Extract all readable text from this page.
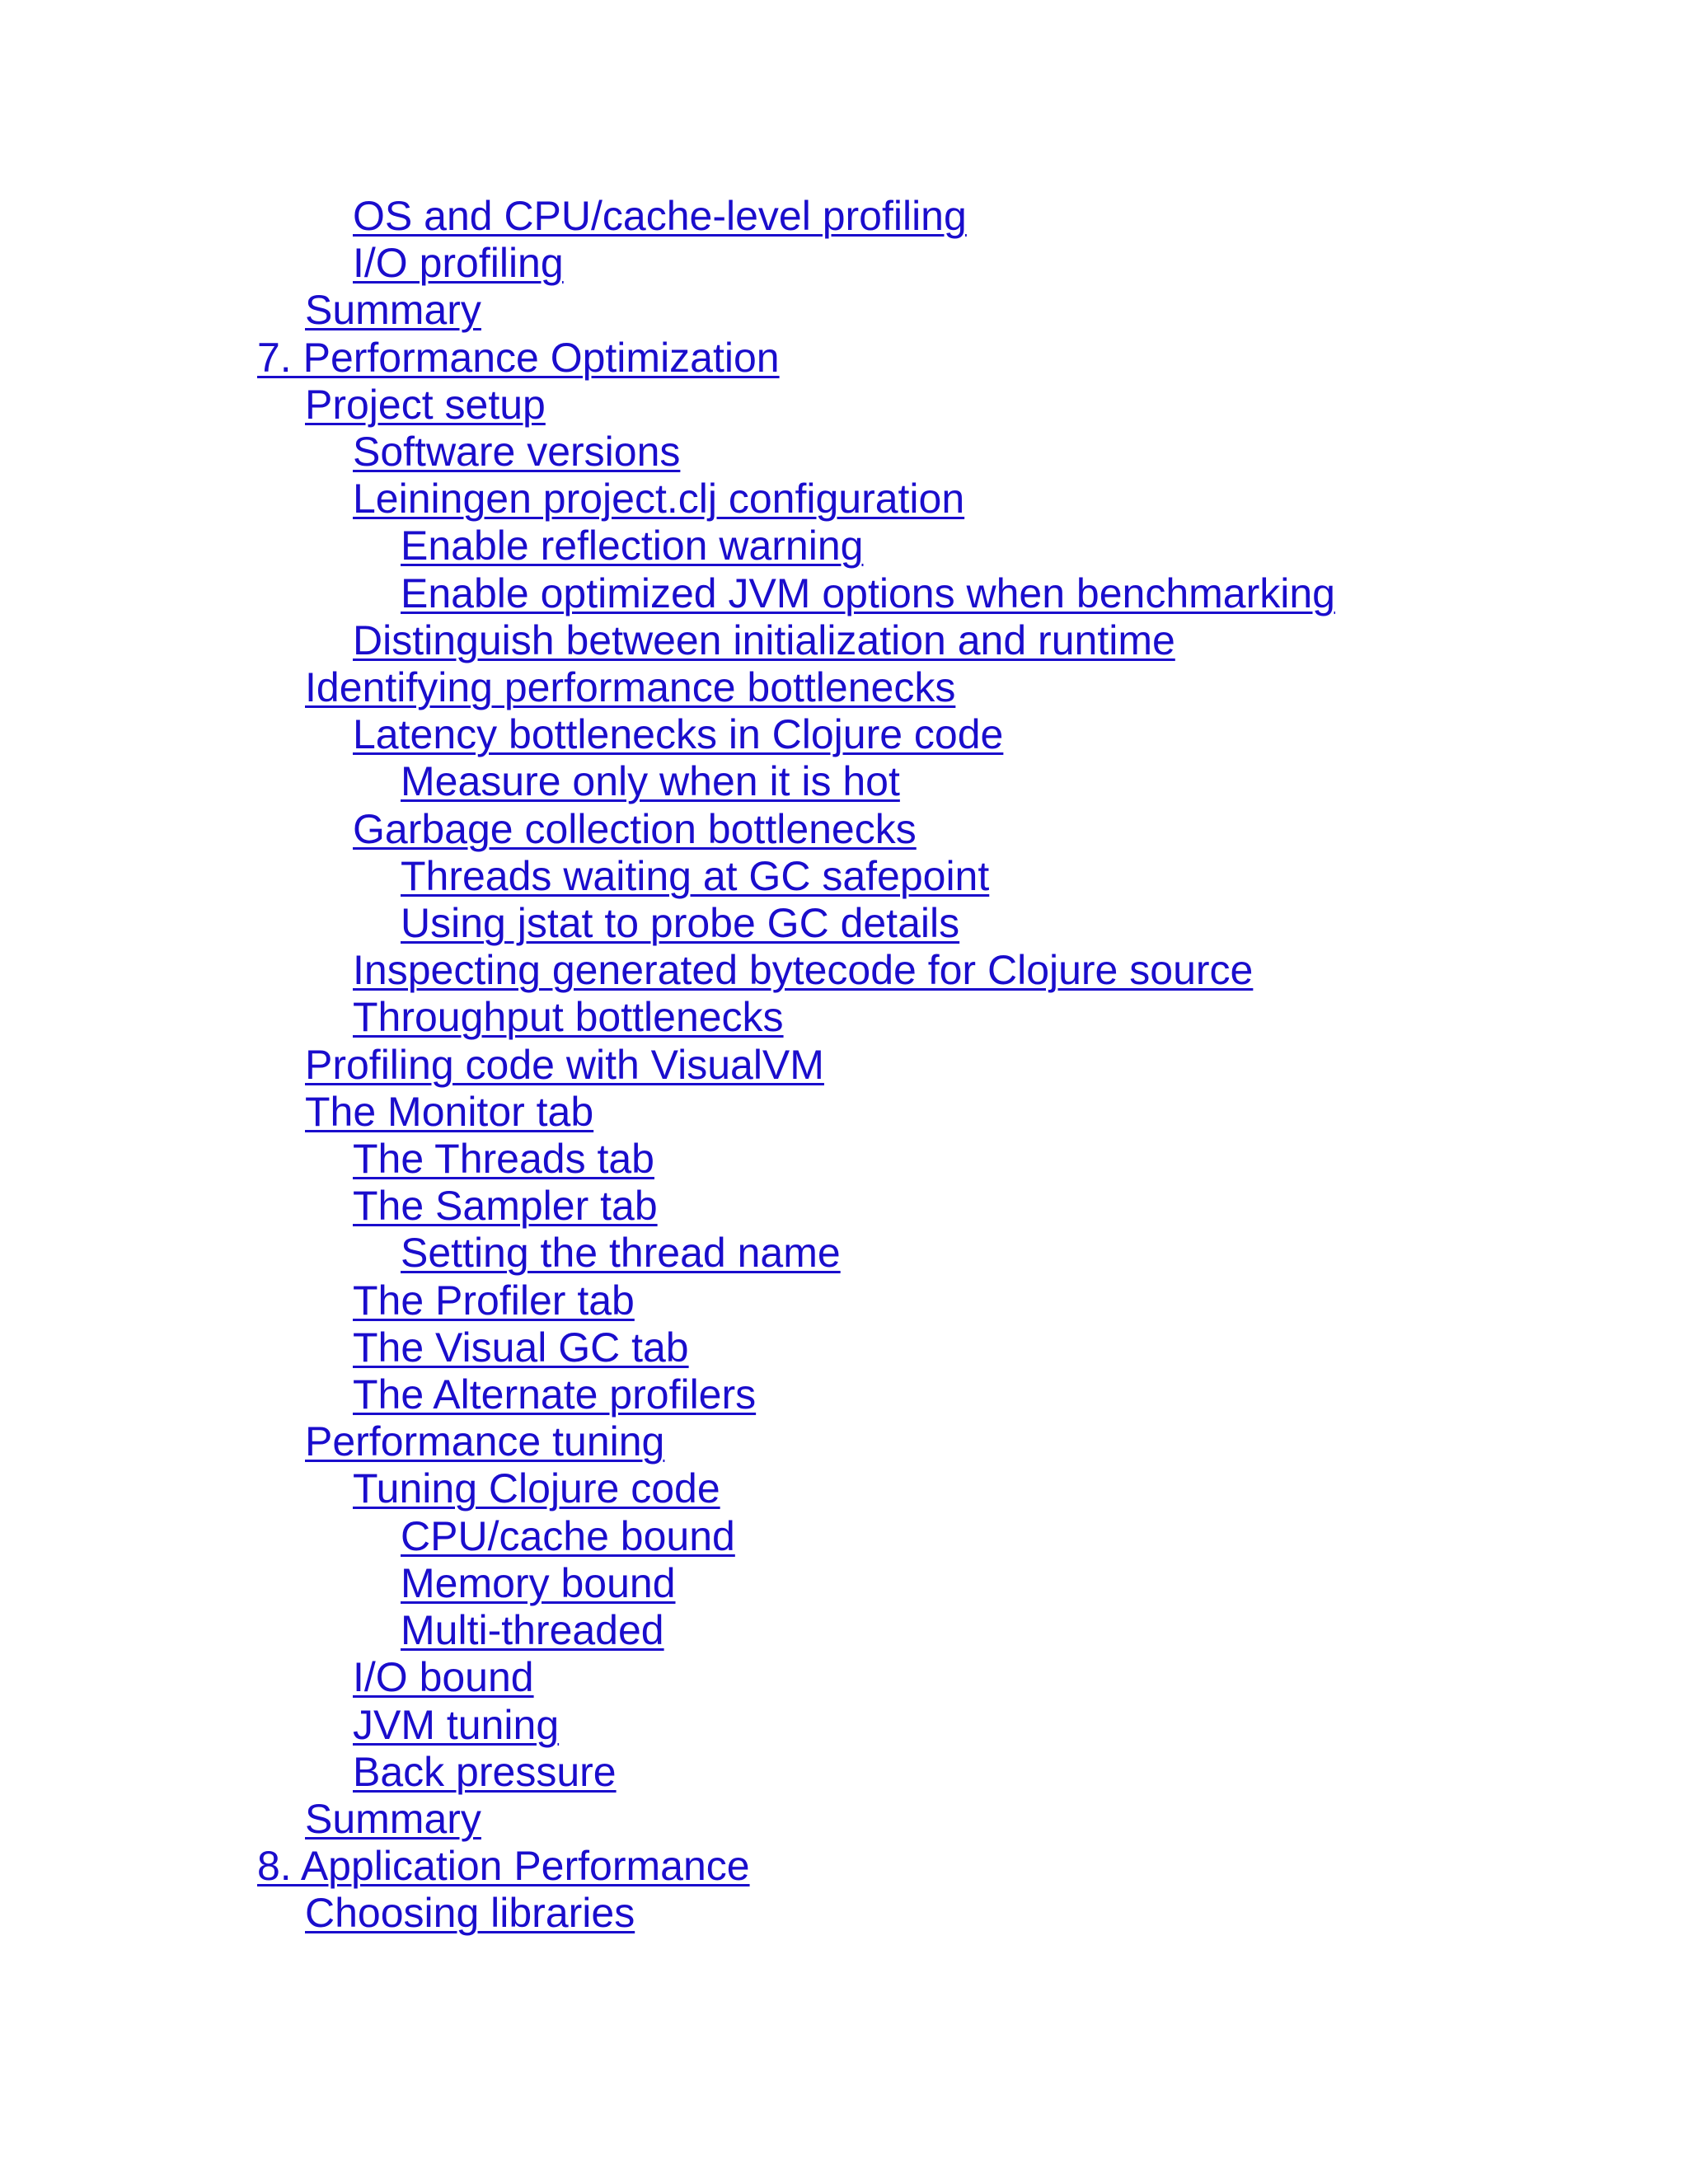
OS and CPU/cache-level profiling
I/O profiling
Summary
7. Performance Optimization
Project setup
Software versions
Leiningen project.clj configuration
Enable reflection warning
Enable optimized JVM options when benchmarking
Distinguish between initialization and runtime
Identifying performance bottlenecks
Latency bottlenecks in Clojure code
Measure only when it is hot
Garbage collection bottlenecks
Threads waiting at GC safepoint
Using jstat to probe GC details
Inspecting generated bytecode for Clojure source
Throughput bottlenecks
Profiling code with VisualVM
The Monitor tab
The Threads tab
The Sampler tab
Setting the thread name
The Profiler tab
The Visual GC tab
The Alternate profilers
Performance tuning
Tuning Clojure code
CPU/cache bound
Memory bound
Multi-threaded
I/O bound
JVM tuning
Back pressure
Summary
8. Application Performance
Choosing libraries
